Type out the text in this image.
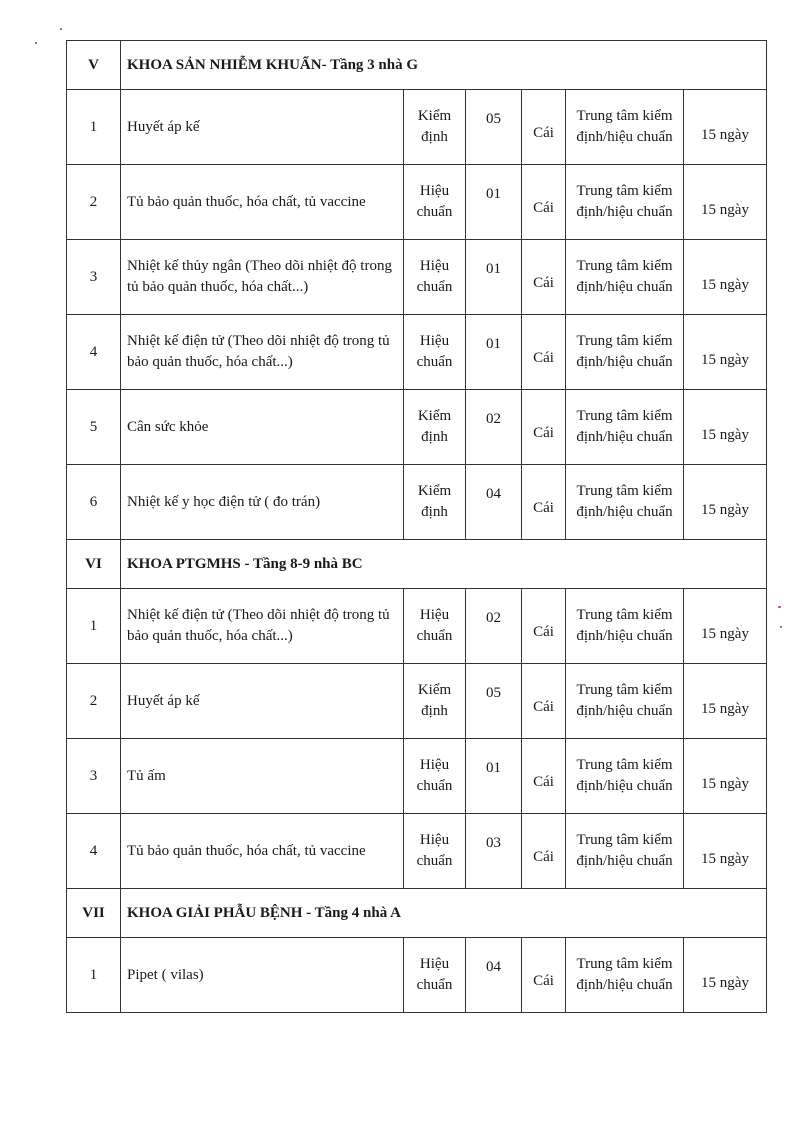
V	KHOA SẢN NHIỄM KHUẨN- Tầng 3 nhà G					
1	Huyết áp kế	Kiểm định	05	Cái	Trung tâm kiểm định/hiệu chuẩn	15 ngày
2	Tủ bảo quản thuốc, hóa chất, tủ vaccine	Hiệu chuẩn	01	Cái	Trung tâm kiểm định/hiệu chuẩn	15 ngày
3	Nhiệt kế thủy ngân (Theo dõi nhiệt độ trong tủ bảo quản thuốc, hóa chất...)	Hiệu chuẩn	01	Cái	Trung tâm kiểm định/hiệu chuẩn	15 ngày
4	Nhiệt kế điện tử (Theo dõi nhiệt độ trong tủ bảo quản thuốc, hóa chất...)	Hiệu chuẩn	01	Cái	Trung tâm kiểm định/hiệu chuẩn	15 ngày
5	Cân sức khỏe	Kiểm định	02	Cái	Trung tâm kiểm định/hiệu chuẩn	15 ngày
6	Nhiệt kế y học điện tử ( đo trán)	Kiểm định	04	Cái	Trung tâm kiểm định/hiệu chuẩn	15 ngày
VI	KHOA PTGMHS - Tầng 8-9 nhà BC					
1	Nhiệt kế điện tử (Theo dõi nhiệt độ trong tủ bảo quản thuốc, hóa chất...)	Hiệu chuẩn	02	Cái	Trung tâm kiểm định/hiệu chuẩn	15 ngày
2	Huyết áp kế	Kiểm định	05	Cái	Trung tâm kiểm định/hiệu chuẩn	15 ngày
3	Tủ ấm	Hiệu chuẩn	01	Cái	Trung tâm kiểm định/hiệu chuẩn	15 ngày
4	Tủ bảo quản thuốc, hóa chất, tủ vaccine	Hiệu chuẩn	03	Cái	Trung tâm kiểm định/hiệu chuẩn	15 ngày
VII	KHOA GIẢI PHẪU BỆNH - Tầng 4 nhà A					
1	Pipet ( vilas)	Hiệu chuẩn	04	Cái	Trung tâm kiểm định/hiệu chuẩn	15 ngày
